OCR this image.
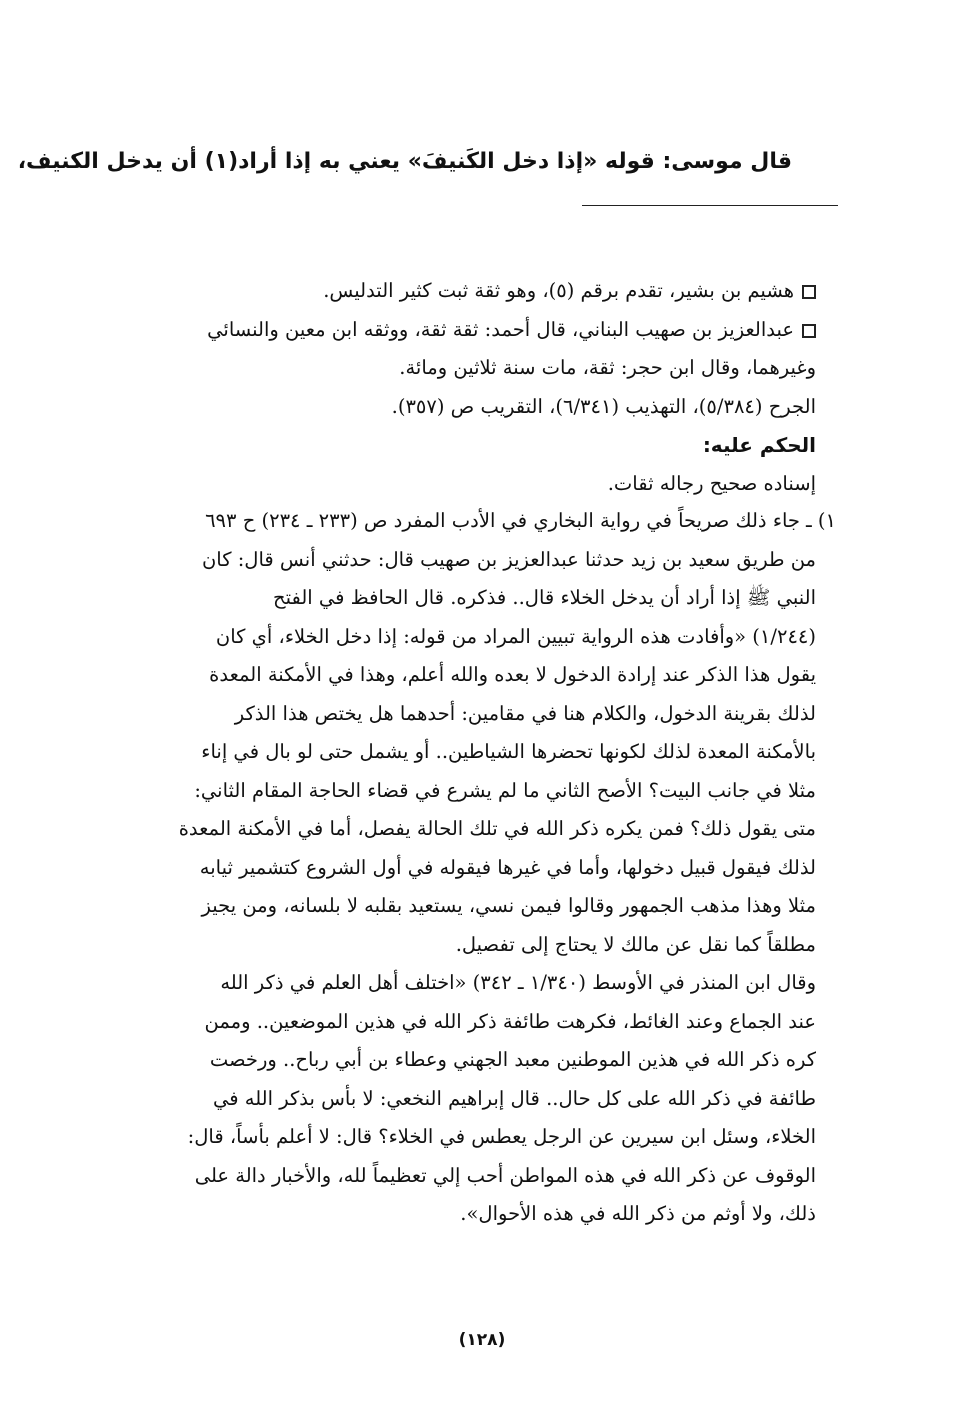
قال موسى: قوله «إذا دخل الكَنيفَ» يعني به إذا أراد(١) أن يدخل الكنيف،
هشيم بن بشير، تقدم برقم (٥)، وهو ثقة ثبت كثير التدليس.
عبدالعزيز بن صهيب البناني، قال أحمد: ثقة ثقة، ووثقه ابن معين والنسائي
وغيرهما، وقال ابن حجر: ثقة، مات سنة ثلاثين ومائة.
الجرح (٥/٣٨٤)، التهذيب (٦/٣٤١)، التقريب ص (٣٥٧).
الحكم عليه:
إسناده صحيح رجاله ثقات.
١) ـجاء ذلك صريحاً في رواية البخاري في الأدب المفرد ص (٢٣٣ ـ ٢٣٤) ح ٦٩٣
من طريق سعيد بن زيد حدثنا عبدالعزيز بن صهيب قال: حدثني أنس قال: كان
النبي ﷺ إذا أراد أن يدخل الخلاء قال.. فذكره. قال الحافظ في الفتح
(١/٢٤٤) «وأفادت هذه الرواية تبيين المراد من قوله: إذا دخل الخلاء، أي كان
يقول هذا الذكر عند إرادة الدخول لا بعده والله أعلم، وهذا في الأمكنة المعدة
لذلك بقرينة الدخول، والكلام هنا في مقامين: أحدهما هل يختص هذا الذكر
بالأمكنة المعدة لذلك لكونها تحضرها الشياطين.. أو يشمل حتى لو بال في إناء
مثلا في جانب البيت؟ الأصح الثاني ما لم يشرع في قضاء الحاجة المقام الثاني:
متى يقول ذلك؟ فمن يكره ذكر الله في تلك الحالة يفصل، أما في الأمكنة المعدة
لذلك فيقول قبيل دخولها، وأما في غيرها فيقوله في أول الشروع كتشمير ثيابه
مثلا وهذا مذهب الجمهور وقالوا فيمن نسي، يستعيد بقلبه لا بلسانه، ومن يجيز
مطلقاً كما نقل عن مالك لا يحتاج إلى تفصيل.
وقال ابن المنذر في الأوسط (١/٣٤٠ ـ ٣٤٢) «اختلف أهل العلم في ذكر الله
عند الجماع وعند الغائط، فكرهت طائفة ذكر الله في هذين الموضعين.. وممن
كره ذكر الله في هذين الموطنين معبد الجهني وعطاء بن أبي رباح.. ورخصت
طائفة في ذكر الله على كل حال.. قال إبراهيم النخعي: لا بأس بذكر الله في
الخلاء، وسئل ابن سيرين عن الرجل يعطس في الخلاء؟ قال: لا أعلم بأساً، قال:
الوقوف عن ذكر الله في هذه المواطن أحب إلي تعظيماً لله، والأخبار دالة على
ذلك، ولا أوثم من ذكر الله في هذه الأحوال».
(١٢٨)
